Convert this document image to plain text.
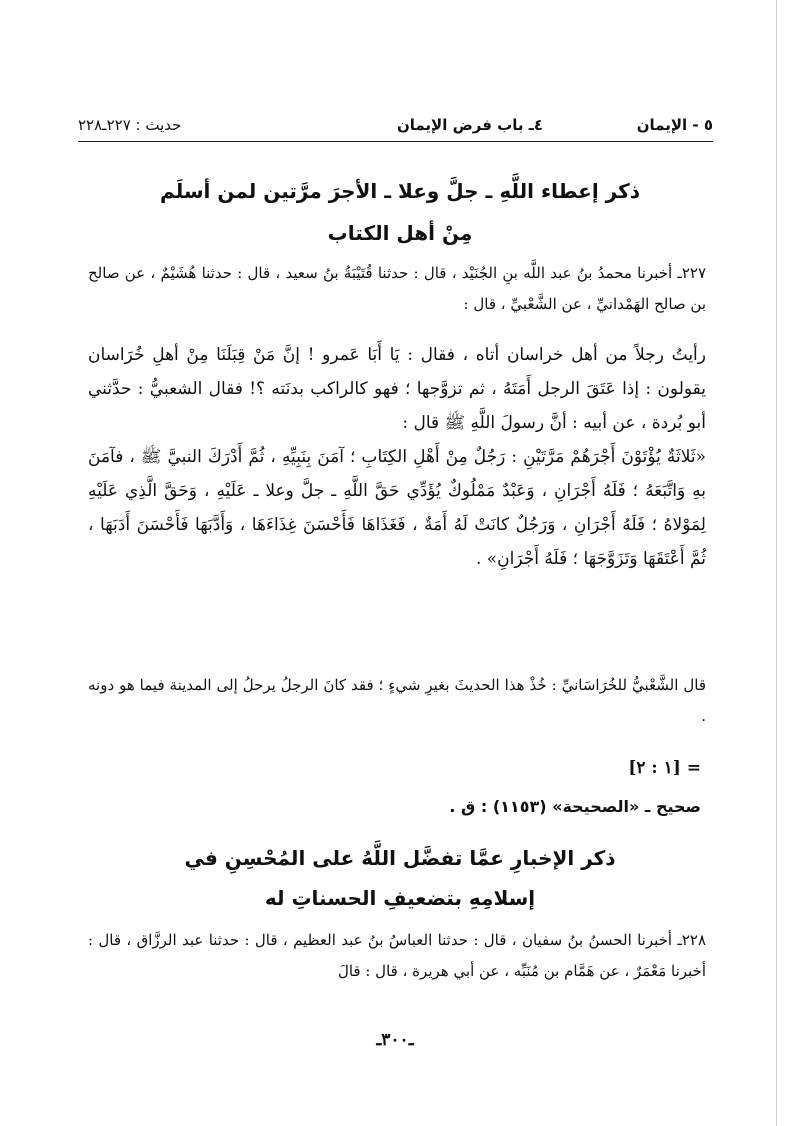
٥ - الإيمان
٤ـ باب فرض الإيمان
حديث : ٢٢٧ـ٢٢٨
ذكر إعطاء اللَّهِ ـ جلَّ وعلا ـ الأجرَ مرَّتين لمن أسلَم مِنْ أهل الكتاب
٢٢٧ـ أخبرنا محمدُ بنُ عبد اللَّه بنِ الجُنَيْد ، قال : حدثنا قُتَيْبَةُ بنُ سعيد ، قال : حدثنا هُشَيْمٌ ، عن صالح بن صالح الهَمْدانيِّ ، عن الشَّعْبيِّ ، قال :
رأيتُ رجلاً من أهل خراسان أتاه ، فقال : يَا أَبَا عَمرو ! إنَّ مَنْ قِبَلَنَا مِنْ أهلِ خُرَاسان يقولون : إذا عَتَقَ الرجل أَمَتَهُ ، ثم تزوَّجها ؛ فهو كالراكب بدنَته ؟! فقال الشعبيُّ : حدَّثني أبو بُردة ، عن أبيه : أنَّ رسولَ اللَّهِ ﷺ قال :
«ثَلاثَةٌ يُؤْتَوْنَ أَجْرَهُمْ مَرَّتَيْنِ : رَجُلٌ مِنْ أَهْلِ الكِتَابِ ؛ آمَنَ بِنَبِيِّهِ ، ثُمَّ أَدْرَكَ النبيَّ ﷺ ، فآمَنَ بهِ وَاتَّبَعَهُ ؛ فَلَهُ أَجْرَانِ ، وَعَبْدٌ مَمْلُوكٌ يُؤَدِّي حَقَّ اللَّهِ ـ جلَّ وعلا ـ عَلَيْهِ ، وَحَقَّ الَّذِي عَلَيْهِ لِمَوْلاهُ ؛ فَلَهُ أَجْرَانِ ، وَرَجُلٌ كانَتْ لَهُ أَمَةٌ ، فَغَذَاهَا فَأَحْسَنَ غِذَاءَهَا ، وَأَدَّبَهَا فَأَحْسَنَ أَدَبَهَا ، ثُمَّ أَعْتَقَهَا وَتَزَوَّجَهَا ؛ فَلَهُ أَجْرَانِ» .
قال الشَّعْبيُّ للخُرَاسَانيِّ : خُذْ هذا الحديثَ بغيرِ شيءٍ ؛ فقد كانَ الرجلُ يرحلُ إلى المدينة فيما هو دونه .
= [١ : ٢]
صحيح ـ «الصحيحة» (١١٥٣) : ق .
ذكر الإخبارِ عمَّا تفضَّل اللَّهُ على المُحْسِنِ في إسلامِهِ بتضعيفِ الحسناتِ له
٢٢٨ـ أخبرنا الحسنُ بنُ سفيان ، قال : حدثنا العباسُ بنُ عبد العظيم ، قال : حدثنا عبد الرزَّاق ، قال : أخبرنا مَعْمَرٌ ، عن هَمَّام بن مُنَبِّه ، عن أبي هريرة ، قال : قالَ
ـ٣٠٠ـ
